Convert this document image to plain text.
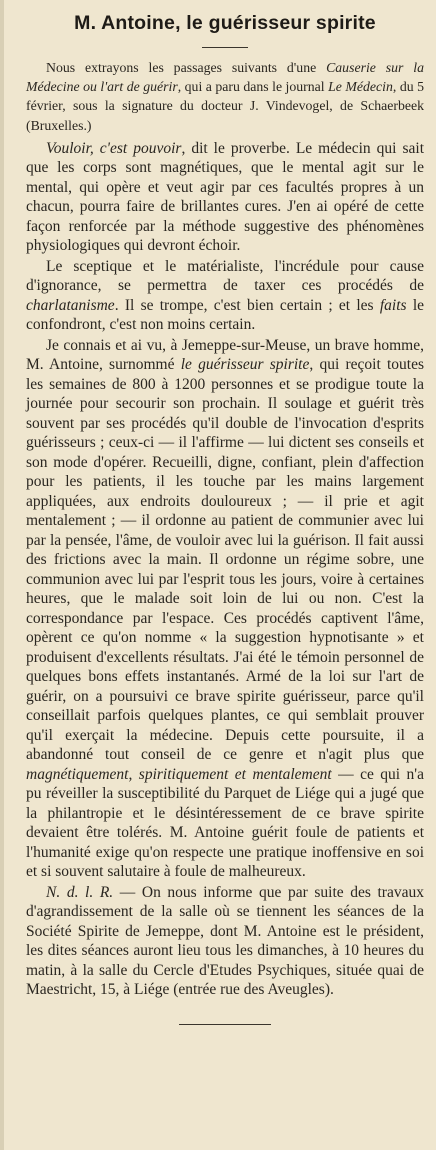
M. Antoine, le guérisseur spirite

Nous extrayons les passages suivants d'une Causerie sur la Médecine ou l'art de guérir, qui a paru dans le journal Le Médecin, du 5 février, sous la signature du docteur J. Vindevogel, de Schaerbeek (Bruxelles.)

Vouloir, c'est pouvoir, dit le proverbe. Le médecin qui sait que les corps sont magnétiques, que le mental agit sur le mental, qui opère et veut agir par ces facultés propres à un chacun, pourra faire de brillantes cures. J'en ai opéré de cette façon renforcée par la méthode suggestive des phénomènes physiologiques qui devront échoir.

Le sceptique et le matérialiste, l'incrédule pour cause d'ignorance, se permettra de taxer ces procédés de charlatanisme. Il se trompe, c'est bien certain ; et les faits le confondront, c'est non moins certain.

Je connais et ai vu, à Jemeppe-sur-Meuse, un brave homme, M. Antoine, surnommé le guérisseur spirite, qui reçoit toutes les semaines de 800 à 1200 personnes et se prodigue toute la journée pour secourir son prochain. Il soulage et guérit très souvent par ses procédés qu'il double de l'invocation d'esprits guérisseurs ; ceux-ci — il l'affirme — lui dictent ses conseils et son mode d'opérer. Recueilli, digne, confiant, plein d'affection pour les patients, il les touche par les mains largement appliquées, aux endroits douloureux ; — il prie et agit mentalement ; — il ordonne au patient de communier avec lui par la pensée, l'âme, de vouloir avec lui la guérison. Il fait aussi des frictions avec la main. Il ordonne un régime sobre, une communion avec lui par l'esprit tous les jours, voire à certaines heures, que le malade soit loin de lui ou non. C'est la correspondance par l'espace. Ces procédés captivent l'âme, opèrent ce qu'on nomme « la suggestion hypnotisante » et produisent d'excellents résultats. J'ai été le témoin personnel de quelques bons effets instantanés. Armé de la loi sur l'art de guérir, on a poursuivi ce brave spirite guérisseur, parce qu'il conseillait parfois quelques plantes, ce qui semblait prouver qu'il exerçait la médecine. Depuis cette poursuite, il a abandonné tout conseil de ce genre et n'agit plus que magnétiquement, spiritiquement et mentalement — ce qui n'a pu réveiller la susceptibilité du Parquet de Liége qui a jugé que la philantropie et le désintéressement de ce brave spirite devaient être tolérés. M. Antoine guérit foule de patients et l'humanité exige qu'on respecte une pratique inoffensive en soi et si souvent salutaire à foule de malheureux.

N. d. l. R. — On nous informe que par suite des travaux d'agrandissement de la salle où se tiennent les séances de la Société Spirite de Jemeppe, dont M. Antoine est le président, les dites séances auront lieu tous les dimanches, à 10 heures du matin, à la salle du Cercle d'Etudes Psychiques, située quai de Maestricht, 15, à Liége (entrée rue des Aveugles).
